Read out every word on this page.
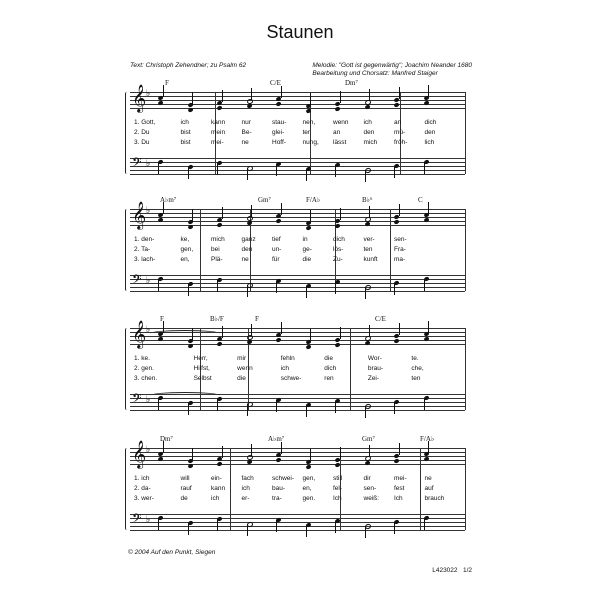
Staunen
Text: Christoph Zehendner; zu Psalm 62	Melodie: "Gott ist gegenwärtig"; Joachim Neander 1680
Bearbeitung und Chorsatz: Manfred Staiger
F	C/E	Dm⁷
𝄞 ♭
𝄢 ♭
1. Gott,	ich	kann	nur	stau- nen,	wenn ich	an	dich
2. Du	bist	mein	Be-	glei-	ter	an	den	mü-	den
3. Du	bist	mei-	ne	Hoff-	nung, lässt	mich	fröh-	lich
A♭m⁷	Gm⁷	F/A♭	B♭⁶	C
𝄞 ♭
𝄢 ♭
1. den-	ke,	mich	ganz	tief	in	dich	ver-	sen-
2. Ta-	gen,	bei	den	un-	ge-	lös-	ten	Fra-
3. lach-	en,	Plä-	ne	für	die	Zu-	kunft	ma-
F	B♭/F	F	C/E
𝄞 ♭
𝄢 ♭
1. ke.	Herr,	mir	fehln	die	Wor-	te.
2. gen.	Hilfst,	wenn	ich	dich	brau-	che,
3. chen.	Selbst	die	schwe-	ren	Zei-	ten
Dm⁷	A♭m⁷	Gm⁷	F/A♭
𝄞 ♭
𝄢 ♭
1. ich	will	ein-	fach	schwei- gen,	still	dir	mei-	ne
2. da-	rauf	kann	ich	bau-	en,	fel-	sen-	fest	auf
3. wer-	de	ich	er-	tra-	gen.	Ich	weiß: Ich	brauch
© 2004 Auf den Punkt, Siegen
L423022 1/2
